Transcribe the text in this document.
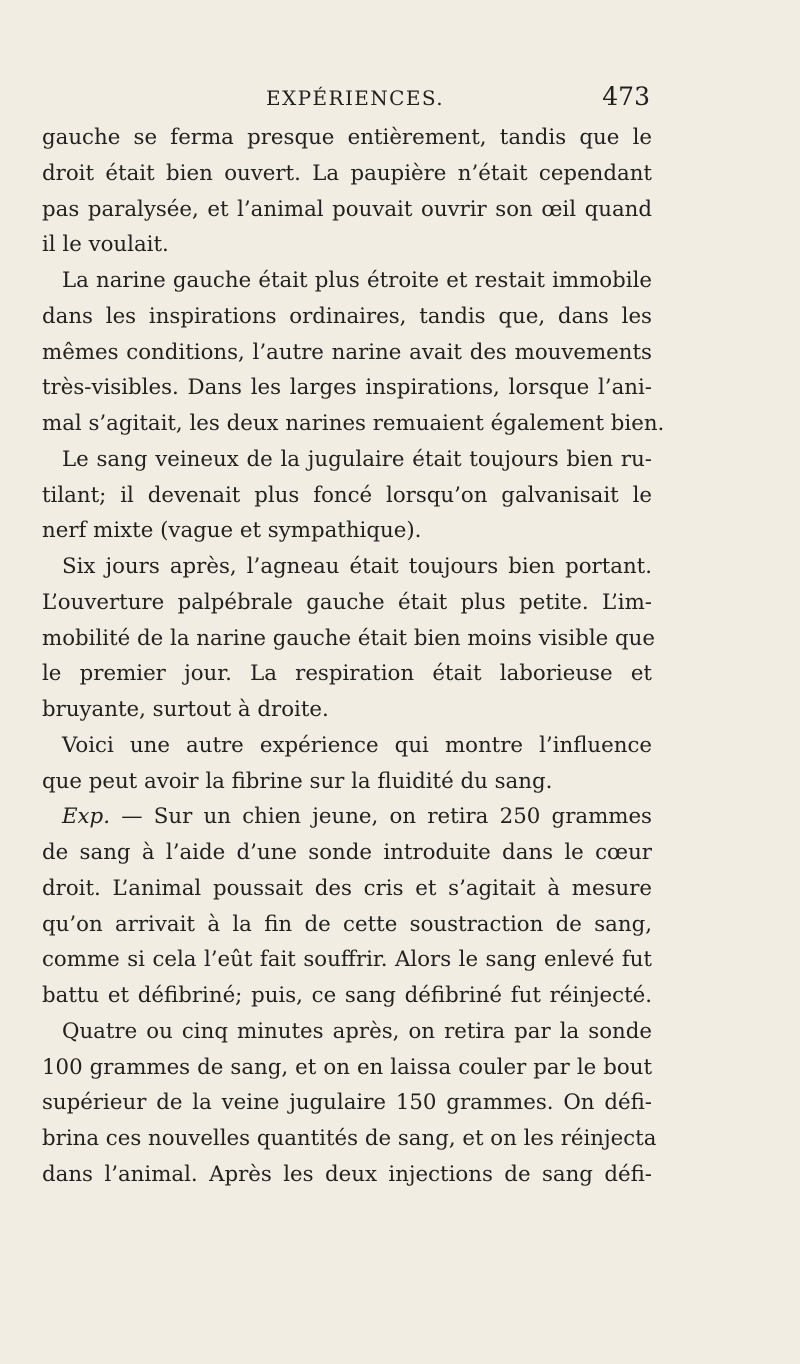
EXPÉRIENCES.	473
gauche se ferma presque entièrement, tandis que le
droit était bien ouvert. La paupière n’était cependant
pas paralysée, et l’animal pouvait ouvrir son œil quand
il le voulait.
La narine gauche était plus étroite et restait immobile
dans les inspirations ordinaires, tandis que, dans les
mêmes conditions, l’autre narine avait des mouvements
très-visibles. Dans les larges inspirations, lorsque l’ani-
mal s’agitait, les deux narines remuaient également bien.
Le sang veineux de la jugulaire était toujours bien ru-
tilant; il devenait plus foncé lorsqu’on galvanisait le
nerf mixte (vague et sympathique).
Six jours après, l’agneau était toujours bien portant.
L’ouverture palpébrale gauche était plus petite. L’im-
mobilité de la narine gauche était bien moins visible que
le premier jour. La respiration était laborieuse et
bruyante, surtout à droite.
Voici une autre expérience qui montre l’influence
que peut avoir la fibrine sur la fluidité du sang.
Exp. — Sur un chien jeune, on retira 250 grammes
de sang à l’aide d’une sonde introduite dans le cœur
droit. L’animal poussait des cris et s’agitait à mesure
qu’on arrivait à la fin de cette soustraction de sang,
comme si cela l’eût fait souffrir. Alors le sang enlevé fut
battu et défibriné; puis, ce sang défibriné fut réinjecté.
Quatre ou cinq minutes après, on retira par la sonde
100 grammes de sang, et on en laissa couler par le bout
supérieur de la veine jugulaire 150 grammes. On défi-
brina ces nouvelles quantités de sang, et on les réinjecta
dans l’animal. Après les deux injections de sang défi-
